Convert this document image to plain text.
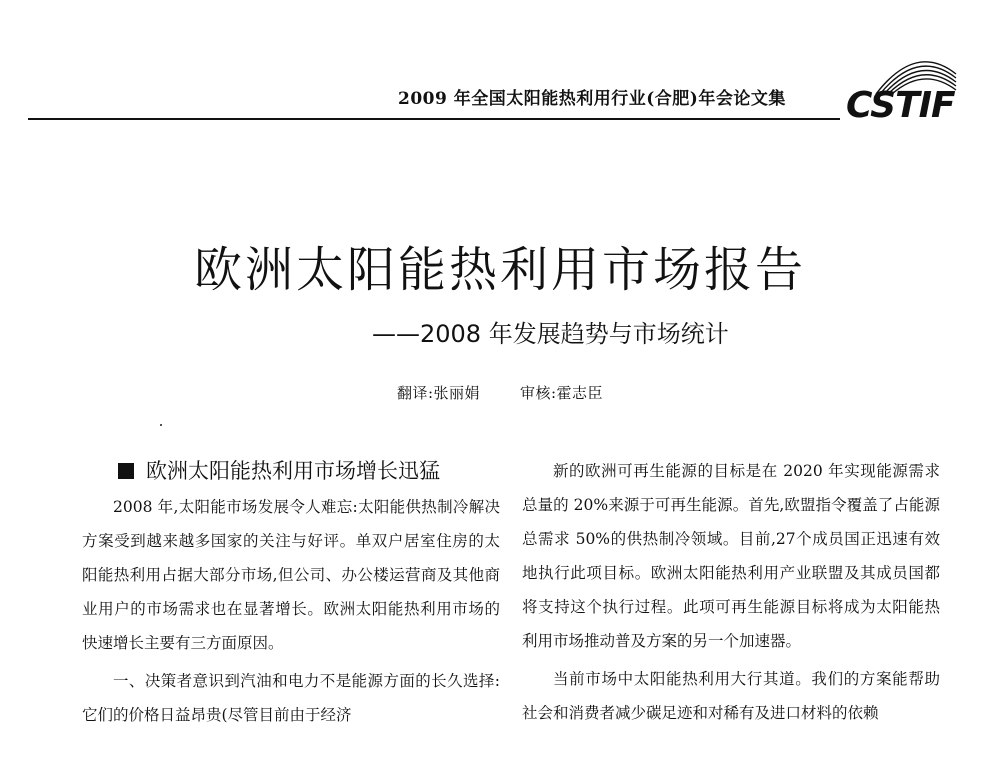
2009 年全国太阳能热利用行业(合肥)年会论文集	CSTIF
欧洲太阳能热利用市场报告
——2008 年发展趋势与市场统计
翻译:张丽娟	审核:霍志臣
欧洲太阳能热利用市场增长迅猛

2008 年,太阳能市场发展令人难忘:太阳能供热制冷解决方案受到越来越多国家的关注与好评。单双户居室住房的太阳能热利用占据大部分市场,但公司、办公楼运营商及其他商业用户的市场需求也在显著增长。欧洲太阳能热利用市场的快速增长主要有三方面原因。

一、决策者意识到汽油和电力不是能源方面的长久选择:它们的价格日益昂贵(尽管目前由于经济

新的欧洲可再生能源的目标是在 2020 年实现能源需求总量的 20%来源于可再生能源。首先,欧盟指令覆盖了占能源总需求 50%的供热制冷领域。目前,27个成员国正迅速有效地执行此项目标。欧洲太阳能热利用产业联盟及其成员国都将支持这个执行过程。此项可再生能源目标将成为太阳能热利用市场推动普及方案的另一个加速器。

当前市场中太阳能热利用大行其道。我们的方案能帮助社会和消费者减少碳足迹和对稀有及进口材料的依赖
